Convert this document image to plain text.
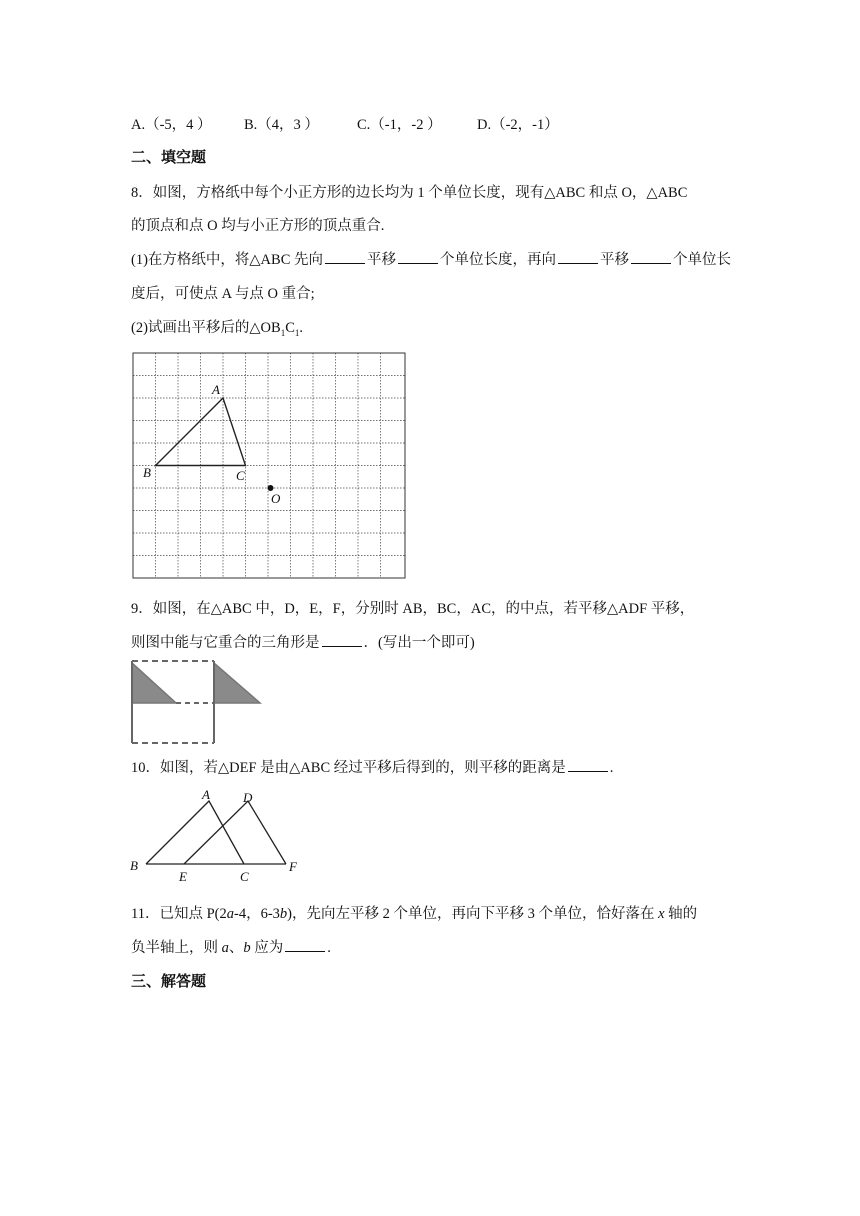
A.（-5，4 ） B.（4，3 ）	C.（-1，-2 ） D.（-2，-1）
二、填空题
8．如图，方格纸中每个小正方形的边长均为 1 个单位长度，现有△ABC 和点 O，△ABC
的顶点和点 O 均与小正方形的顶点重合.
(1)在方格纸中，将△ABC 先向	平移	个单位长度，再向	平移	个单位长
度后，可使点 A 与点 O 重合;
(2)试画出平移后的$\triangle OB_1C_1$.
A
B	C
O
9．如图，在△ABC 中，D，E，F，分别时 AB，BC，AC，的中点，若平移△ADF 平移，
则图中能与它重合的三角形是	．(写出一个即可)
10．如图，若△DEF 是由△ABC 经过平移后得到的，则平移的距离是	.
A	D
B
E	C
F
11．已知点 P(2a-4，6-3b)，先向左平移 2 个单位，再向下平移 3 个单位，恰好落在 x 轴的
负半轴上，则 a、b 应为	.
三、解答题
